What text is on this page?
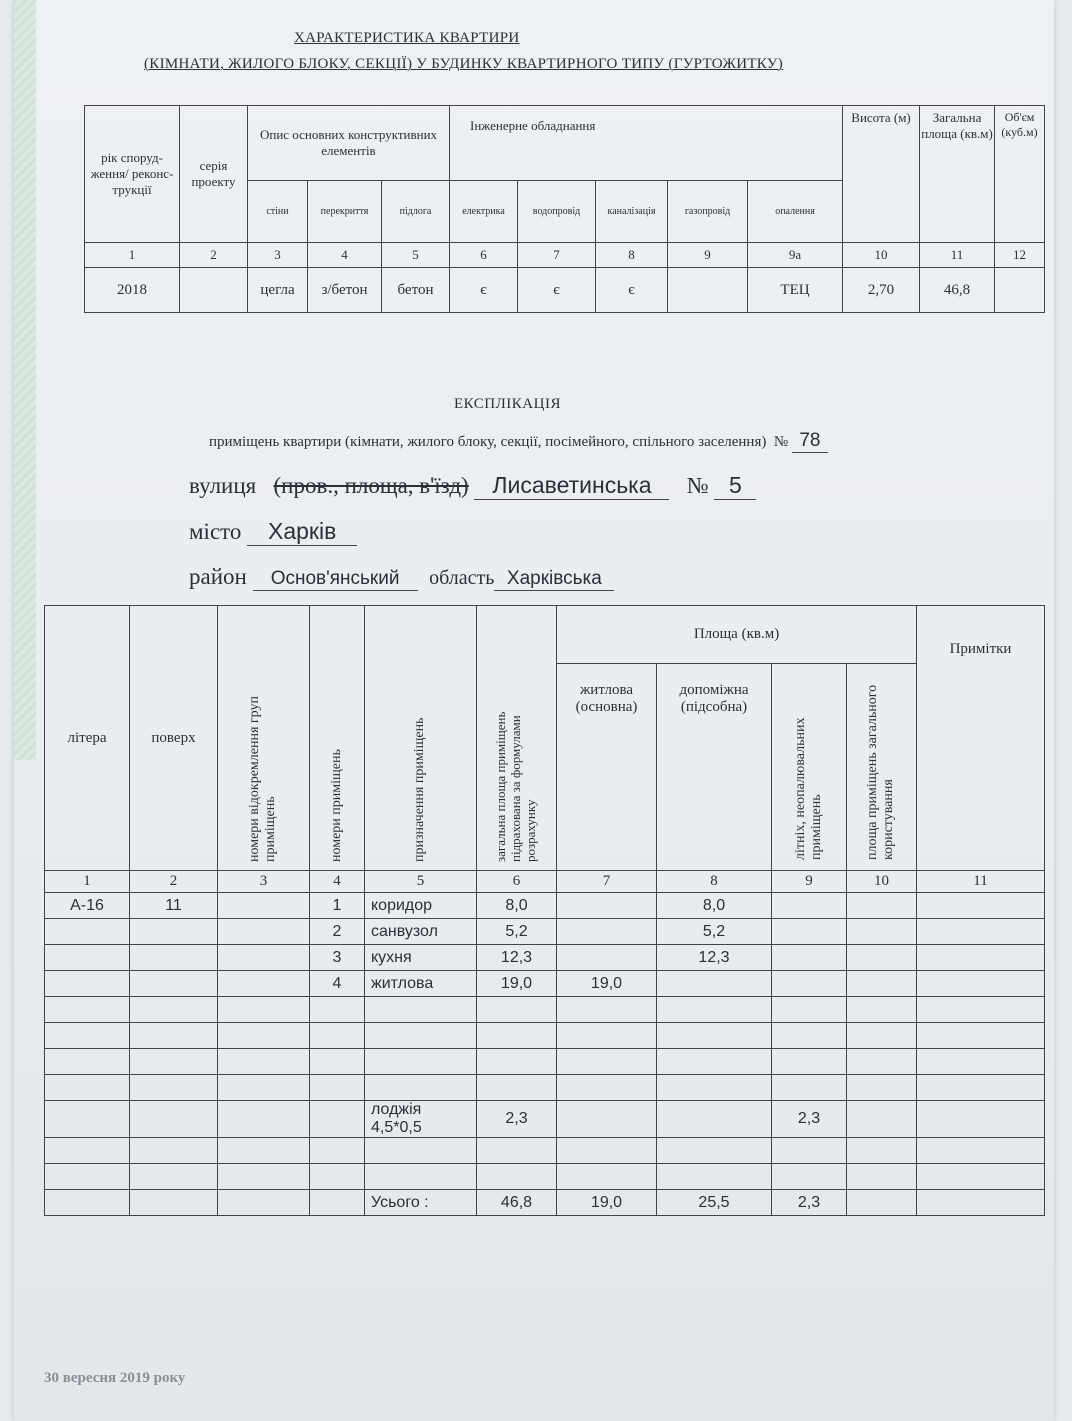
ХАРАКТЕРИСТИКА КВАРТИРИ
(КІМНАТИ, ЖИЛОГО БЛОКУ, СЕКЦІЇ) У БУДИНКУ КВАРТИРНОГО ТИПУ (ГУРТОЖИТКУ)
рік спoруд-ження/ реконс-трукції	серія проекту	Опис основних конструктивних елементів			Інженерне обладнання					Висота (м)	Загальна площа (кв.м)	Об'єм (куб.м)
		стіни	перекриття	підлога	електрика	водопровід	каналізація	газопровід	опалення			
1	2	3	4	5	6	7	8	9	9а	10	11	12
2018		цегла	з/бетон	бетон	є	є	є		ТЕЦ	2,70	46,8	
ЕКСПЛІКАЦІЯ
приміщень квартири (кімнати, жилого блоку, секції, посімейного, спільного заселення) № 78
вулиця (пров., площа, в'їзд) Лисаветинська № 5
місто Харків
район Основ'янський область Харківська
літера	поверх	номери відокремлення груп приміщень	номери приміщень	призначення приміщень	загальна площа приміщень підрахована за формулами розрахунку	Площа (кв.м)				Примітки
						житлова (основна)	допоміжна (підсобна)	літніх, неопалювальних приміщень	площа приміщень загального користування	

1	2	3	4	5	6	7	8	9	10	11
А-16	11		1	коридор	8,0		8,0			
			2	санвузол	5,2		5,2			
			3	кухня	12,3		12,3			
			4	житлова	19,0	19,0				

				лоджія 4,5*0,5	2,3			2,3		

				Усього :	46,8	19,0	25,5	2,3		
30 вересня 2019 року
